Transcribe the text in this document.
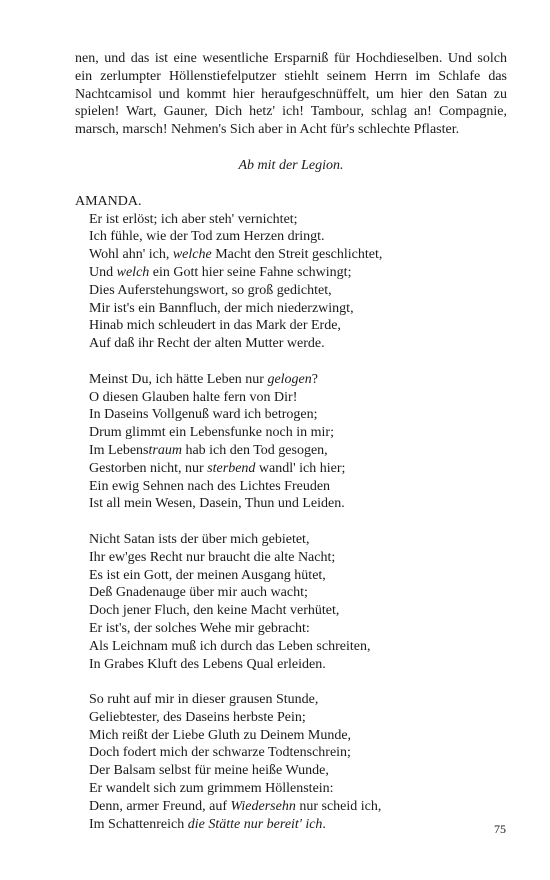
nen, und das ist eine wesentliche Ersparniß für Hochdieselben. Und solch ein zerlumpter Höllenstiefelputzer stiehlt seinem Herrn im Schlafe das Nachtcamisol und kommt hier heraufgeschnüffelt, um hier den Satan zu spielen! Wart, Gauner, Dich hetz' ich! Tambour, schlag an! Compagnie, marsch, marsch! Nehmen's Sich aber in Acht für's schlechte Pflaster.

Ab mit der Legion.
AMANDA.
Er ist erlöst; ich aber steh' vernichtet;
Ich fühle, wie der Tod zum Herzen dringt.
Wohl ahn' ich, welche Macht den Streit geschlichtet,
Und welch ein Gott hier seine Fahne schwingt;
Dies Auferstehungswort, so groß gedichtet,
Mir ist's ein Bannfluch, der mich niederzwingt,
Hinab mich schleudert in das Mark der Erde,
Auf daß ihr Recht der alten Mutter werde.
Meinst Du, ich hätte Leben nur gelogen?
O diesen Glauben halte fern von Dir!
In Daseins Vollgenuß ward ich betrogen;
Drum glimmt ein Lebensfunke noch in mir;
Im Lebenstraum hab ich den Tod gesogen,
Gestorben nicht, nur sterbend wandl' ich hier;
Ein ewig Sehnen nach des Lichtes Freuden
Ist all mein Wesen, Dasein, Thun und Leiden.
Nicht Satan ists der über mich gebietet,
Ihr ew'ges Recht nur braucht die alte Nacht;
Es ist ein Gott, der meinen Ausgang hütet,
Deß Gnadenauge über mir auch wacht;
Doch jener Fluch, den keine Macht verhütet,
Er ist's, der solches Wehe mir gebracht:
Als Leichnam muß ich durch das Leben schreiten,
In Grabes Kluft des Lebens Qual erleiden.
So ruht auf mir in dieser grausen Stunde,
Geliebtester, des Daseins herbste Pein;
Mich reißt der Liebe Gluth zu Deinem Munde,
Doch fodert mich der schwarze Todtenschrein;
Der Balsam selbst für meine heiße Wunde,
Er wandelt sich zum grimmem Höllenstein:
Denn, armer Freund, auf Wiedersehn nur scheid ich,
Im Schattenreich die Stätte nur bereit' ich.	75
